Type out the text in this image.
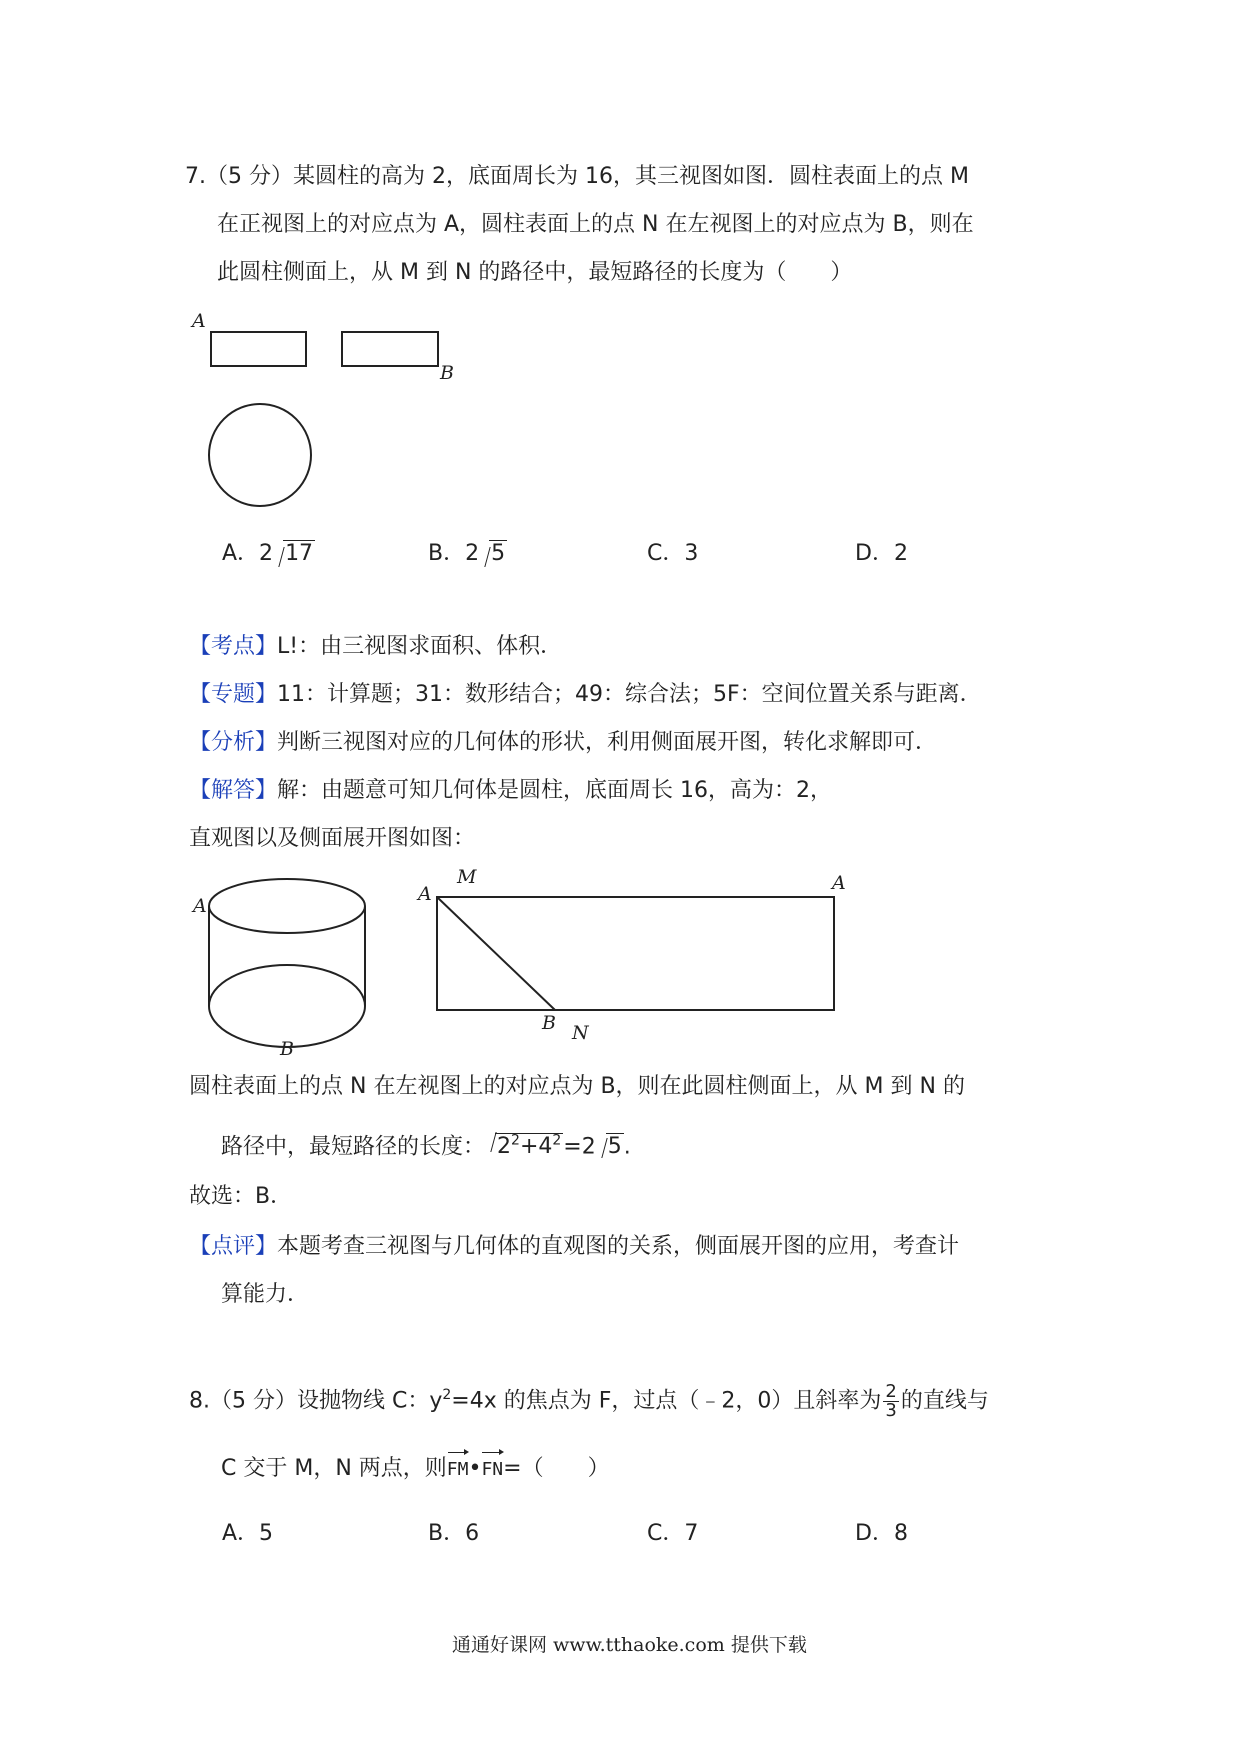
7.（5 分）某圆柱的高为 2，底面周长为 16，其三视图如图．圆柱表面上的点 M
在正视图上的对应点为 A，圆柱表面上的点 N 在左视图上的对应点为 B，则在
此圆柱侧面上，从 M 到 N 的路径中，最短路径的长度为（　　）
A
B
A．2 17	B．2 5	C．3	D．2
【考点】L!：由三视图求面积、体积．
【专题】11：计算题；31：数形结合；49：综合法；5F：空间位置关系与距离．
【分析】判断三视图对应的几何体的形状，利用侧面展开图，转化求解即可．
【解答】解：由题意可知几何体是圆柱，底面周长 16，高为：2，
直观图以及侧面展开图如图：
A
B
A
M	A
B N
圆柱表面上的点 N 在左视图上的对应点为 B，则在此圆柱侧面上，从 M 到 N 的
路径中，最短路径的长度： $2^2+4^2=2$ 5.
故选：B．
【点评】本题考查三视图与几何体的直观图的关系，侧面展开图的应用，考查计
算能力．
8.（5 分）设抛物线 C：$y^2=4x$ 的焦点为 F，过点（﹣2，0）且斜率为 $\frac{2}{3}$ 的直线与
C 交于 M，N 两点，则FM•FN=（　　）
A．5	B．6	C．7	D．8
通通好课网 www.tthaoke.com 提供下载
